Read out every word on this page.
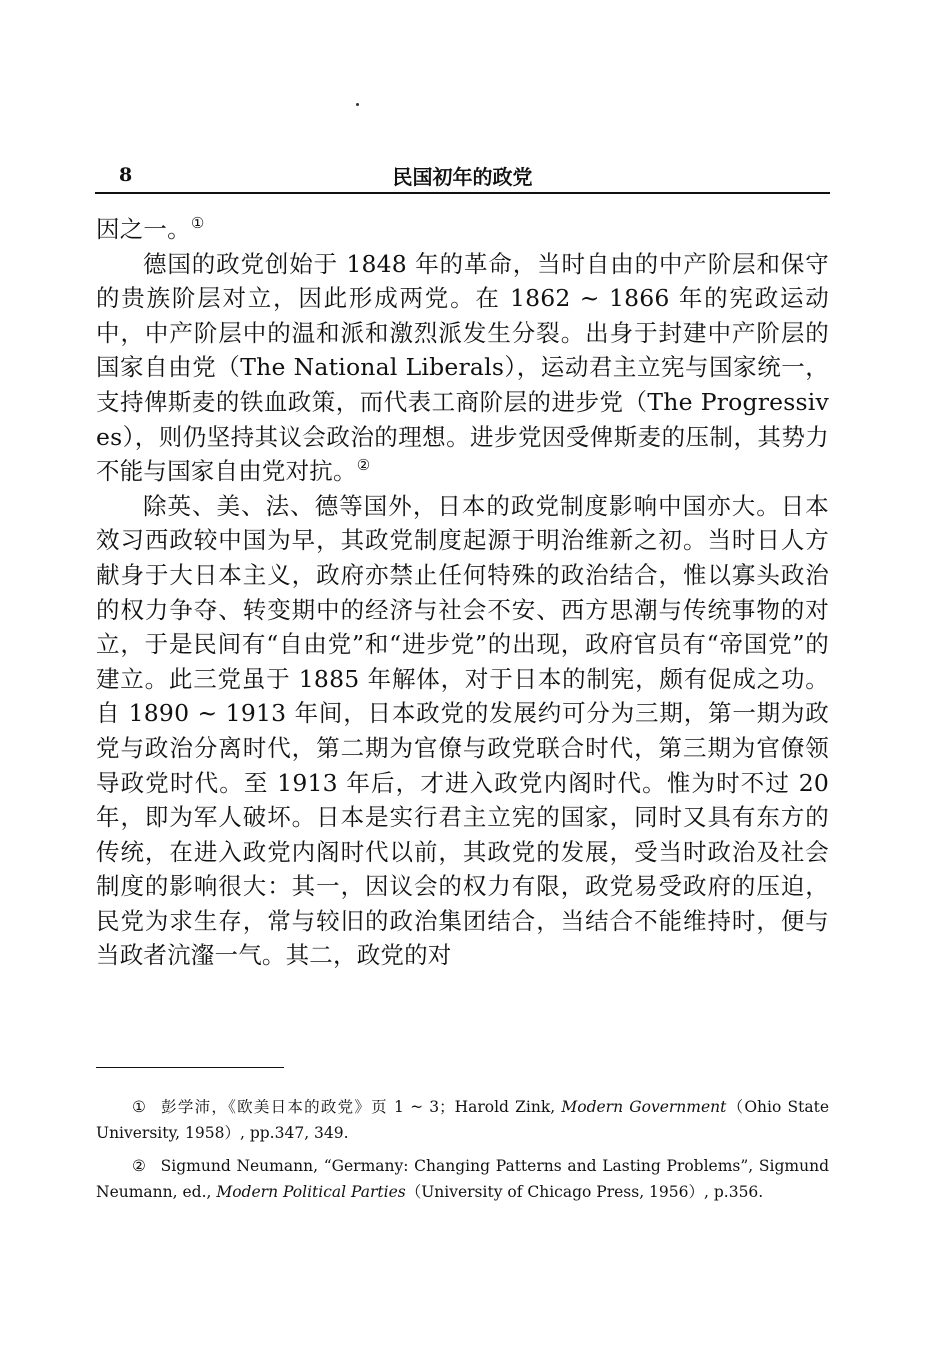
8	民国初年的政党

因之一。①

德国的政党创始于 1848 年的革命，当时自由的中产阶层和保守的贵族阶层对立，因此形成两党。在 1862 ~ 1866 年的宪政运动中，中产阶层中的温和派和激烈派发生分裂。出身于封建中产阶层的国家自由党（The National Liberals），运动君主立宪与国家统一，支持俾斯麦的铁血政策，而代表工商阶层的进步党（The Progressives），则仍坚持其议会政治的理想。进步党因受俾斯麦的压制，其势力不能与国家自由党对抗。②

除英、美、法、德等国外，日本的政党制度影响中国亦大。日本效习西政较中国为早，其政党制度起源于明治维新之初。当时日人方献身于大日本主义，政府亦禁止任何特殊的政治结合，惟以寡头政治的权力争夺、转变期中的经济与社会不安、西方思潮与传统事物的对立，于是民间有“自由党”和“进步党”的出现，政府官员有“帝国党”的建立。此三党虽于 1885 年解体，对于日本的制宪，颇有促成之功。自 1890 ~ 1913 年间，日本政党的发展约可分为三期，第一期为政党与政治分离时代，第二期为官僚与政党联合时代，第三期为官僚领导政党时代。至 1913 年后，才进入政党内阁时代。惟为时不过 20 年，即为军人破坏。日本是实行君主立宪的国家，同时又具有东方的传统，在进入政党内阁时代以前，其政党的发展，受当时政治及社会制度的影响很大：其一，因议会的权力有限，政党易受政府的压迫，民党为求生存，常与较旧的政治集团结合，当结合不能维持时，便与当政者沆瀣一气。其二，政党的对

① 彭学沛，《欧美日本的政党》页 1 ~ 3；Harold Zink, Modern Government（Ohio State University, 1958）, pp.347, 349.

② Sigmund Neumann, “Germany: Changing Patterns and Lasting Problems”, Sigmund Neumann, ed., Modern Political Parties（University of Chicago Press, 1956）, p.356.
